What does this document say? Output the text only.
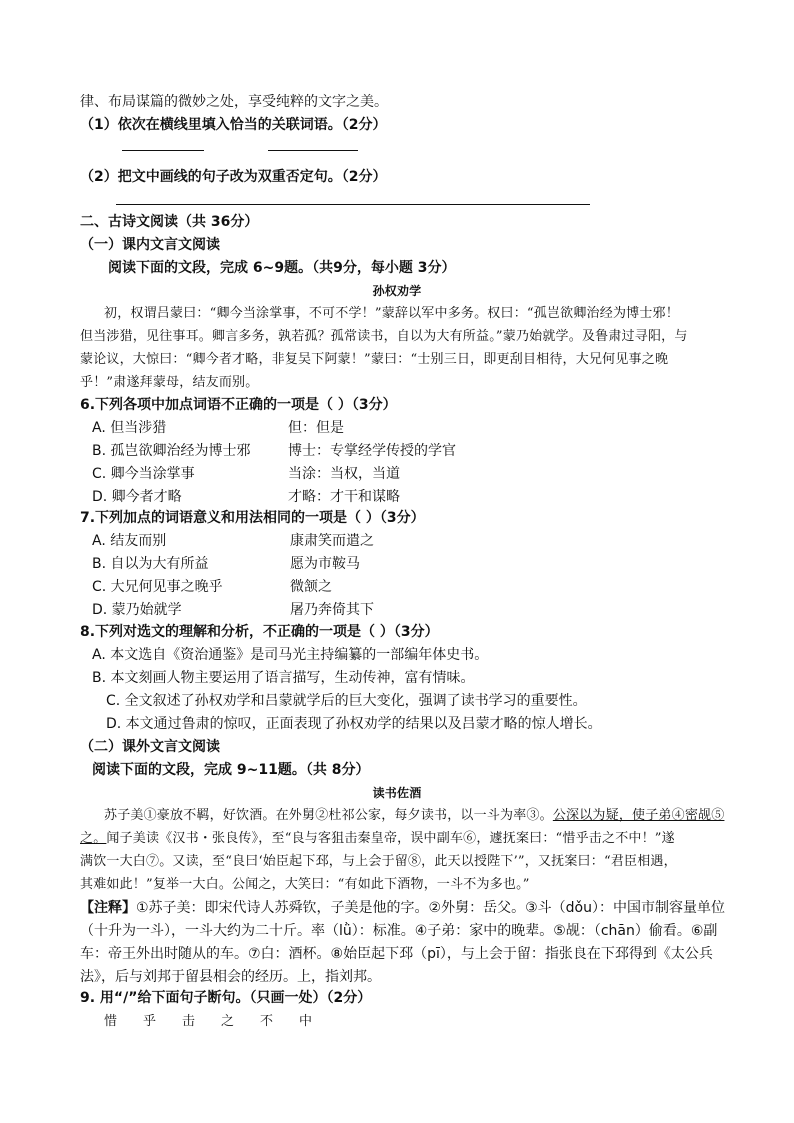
律、布局谋篇的微妙之处，享受纯粹的文字之美。
（1）依次在横线里填入恰当的关联词语。（2分）
（2）把文中画线的句子改为双重否定句。（2分）
二、古诗文阅读（共 36分）
（一）课内文言文阅读
阅读下面的文段，完成 6~9题。（共9分，每小题 3分）
孙权劝学
初，权谓吕蒙曰：“卿今当涂掌事，不可不学！”蒙辞以军中多务。权曰：“孤岂欲卿治经为博士邪！
但当涉猎，见往事耳。卿言多务，孰若孤？孤常读书，自以为大有所益。”蒙乃始就学。及鲁肃过寻阳，与
蒙论议，大惊曰：“卿今者才略，非复吴下阿蒙！”蒙曰：“士别三日，即更刮目相待，大兄何见事之晚
乎！”肃遂拜蒙母，结友而别。
6.下列各项中加点词语不正确的一项是（ ）（3分）
A. 但当涉猎	但：但是
B. 孤岂欲卿治经为博士邪	博士：专掌经学传授的学官
C. 卿今当涂掌事	当涂：当权，当道
D. 卿今者才略	才略：才干和谋略
7.下列加点的词语意义和用法相同的一项是（ ）（3分）
A. 结友而别	康肃笑而遣之
B. 自以为大有所益	愿为市鞍马
C. 大兄何见事之晚乎	微颔之
D. 蒙乃始就学	屠乃奔倚其下
8.下列对选文的理解和分析，不正确的一项是（ ）（3分）
A. 本文选自《资治通鉴》是司马光主持编纂的一部编年体史书。
B. 本文刻画人物主要运用了语言描写，生动传神，富有情味。
C. 全文叙述了孙权劝学和吕蒙就学后的巨大变化，强调了读书学习的重要性。
D. 本文通过鲁肃的惊叹，正面表现了孙权劝学的结果以及吕蒙才略的惊人增长。
（二）课外文言文阅读
阅读下面的文段，完成 9~11题。（共 8分）
读书佐酒
苏子美①豪放不羁，好饮酒。在外舅②杜祁公家，每夕读书，以一斗为率③。公深以为疑，使子弟④密觇⑤
之。闻子美读《汉书・张良传》，至“良与客狙击秦皇帝，误中副车⑥，遽抚案曰：“惜乎击之不中！”遂
满饮一大白⑦。又读，至“良曰‘始臣起下邳，与上会于留⑧，此天以授陛下’”，又抚案曰：“君臣相遇，
其难如此！”复举一大白。公闻之，大笑曰：“有如此下酒物，一斗不为多也。”
【注释】①苏子美：即宋代诗人苏舜钦，子美是他的字。②外舅：岳父。③斗（dǒu）：中国市制容量单位
（十升为一斗），一斗大约为二十斤。率（lǜ）：标准。④子弟：家中的晚辈。⑤觇：（chān）偷看。⑥副
车：帝王外出时随从的车。⑦白：酒杯。⑧始臣起下邳（pī），与上会于留：指张良在下邳得到《太公兵
法》，后与刘邦于留县相会的经历。上，指刘邦。
9. 用“/”给下面句子断句。（只画一处）（2分）
惜乎击之不中
